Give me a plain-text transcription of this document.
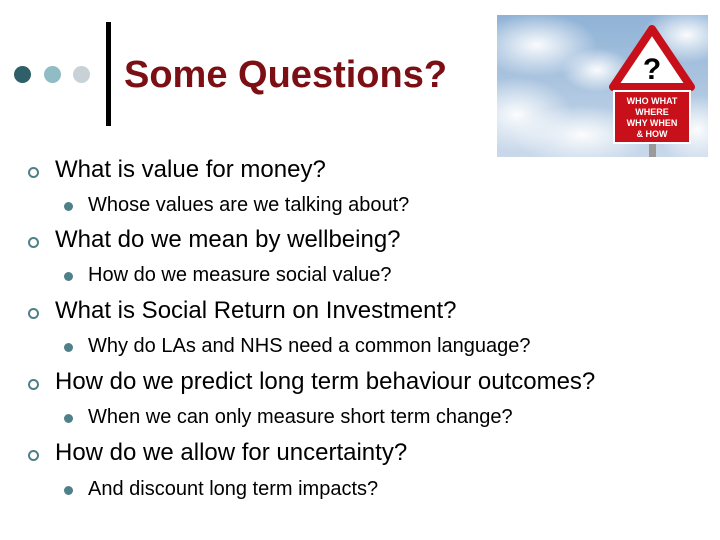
Some Questions?	?
WHO WHAT
WHERE
WHY WHEN
& HOW
What is value for money?
Whose values are we talking about?
What do we mean by wellbeing?
How do we measure social value?
What is Social Return on Investment?
Why do LAs and NHS need a common language?
How do we predict long term behaviour outcomes?
When we can only measure short term change?
How do we allow for uncertainty?
And discount long term impacts?
